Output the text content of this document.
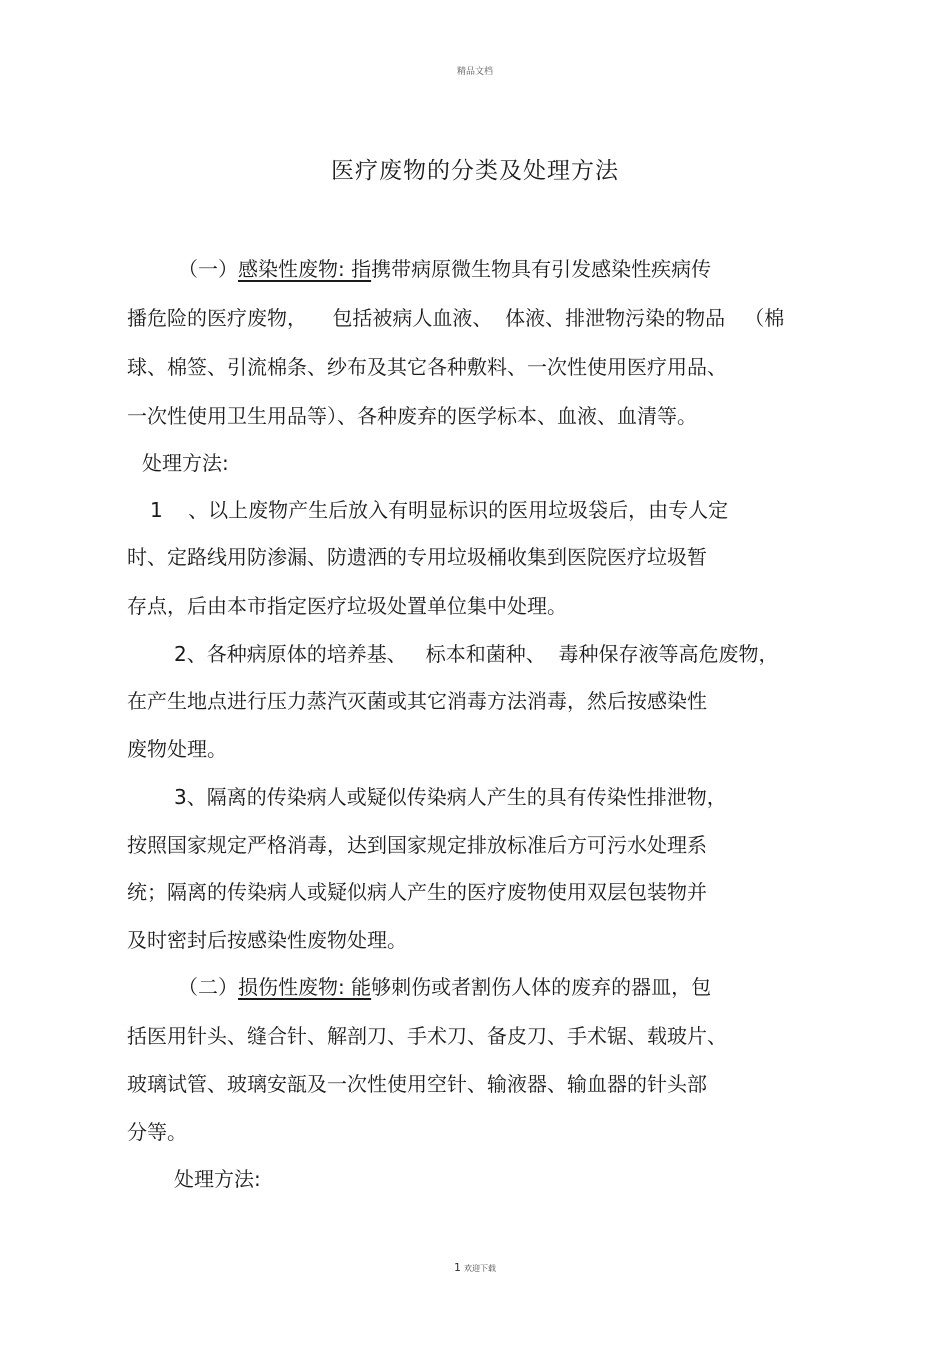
精品文档
医疗废物的分类及处理方法
（一）感染性废物: 指携带病原微生物具有引发感染性疾病传
播危险的医疗废物，    包括被病人血液、  体液、排泄物污染的物品   （棉
球、棉签、引流棉条、纱布及其它各种敷料、一次性使用医疗用品、
一次性使用卫生用品等）、各种废弃的医学标本、血液、血清等。
处理方法:
1    、以上废物产生后放入有明显标识的医用垃圾袋后，由专人定
时、定路线用防渗漏、防遗洒的专用垃圾桶收集到医院医疗垃圾暂
存点，后由本市指定医疗垃圾处置单位集中处理。
2、各种病原体的培养基、   标本和菌种、  毒种保存液等高危废物，
在产生地点进行压力蒸汽灭菌或其它消毒方法消毒，然后按感染性
废物处理。
3、隔离的传染病人或疑似传染病人产生的具有传染性排泄物，
按照国家规定严格消毒，达到国家规定排放标准后方可污水处理系
统；隔离的传染病人或疑似病人产生的医疗废物使用双层包装物并
及时密封后按感染性废物处理。
（二）损伤性废物: 能够刺伤或者割伤人体的废弃的器皿，包
括医用针头、缝合针、解剖刀、手术刀、备皮刀、手术锯、载玻片、
玻璃试管、玻璃安瓿及一次性使用空针、输液器、输血器的针头部
分等。
处理方法:
1 欢迎下载
